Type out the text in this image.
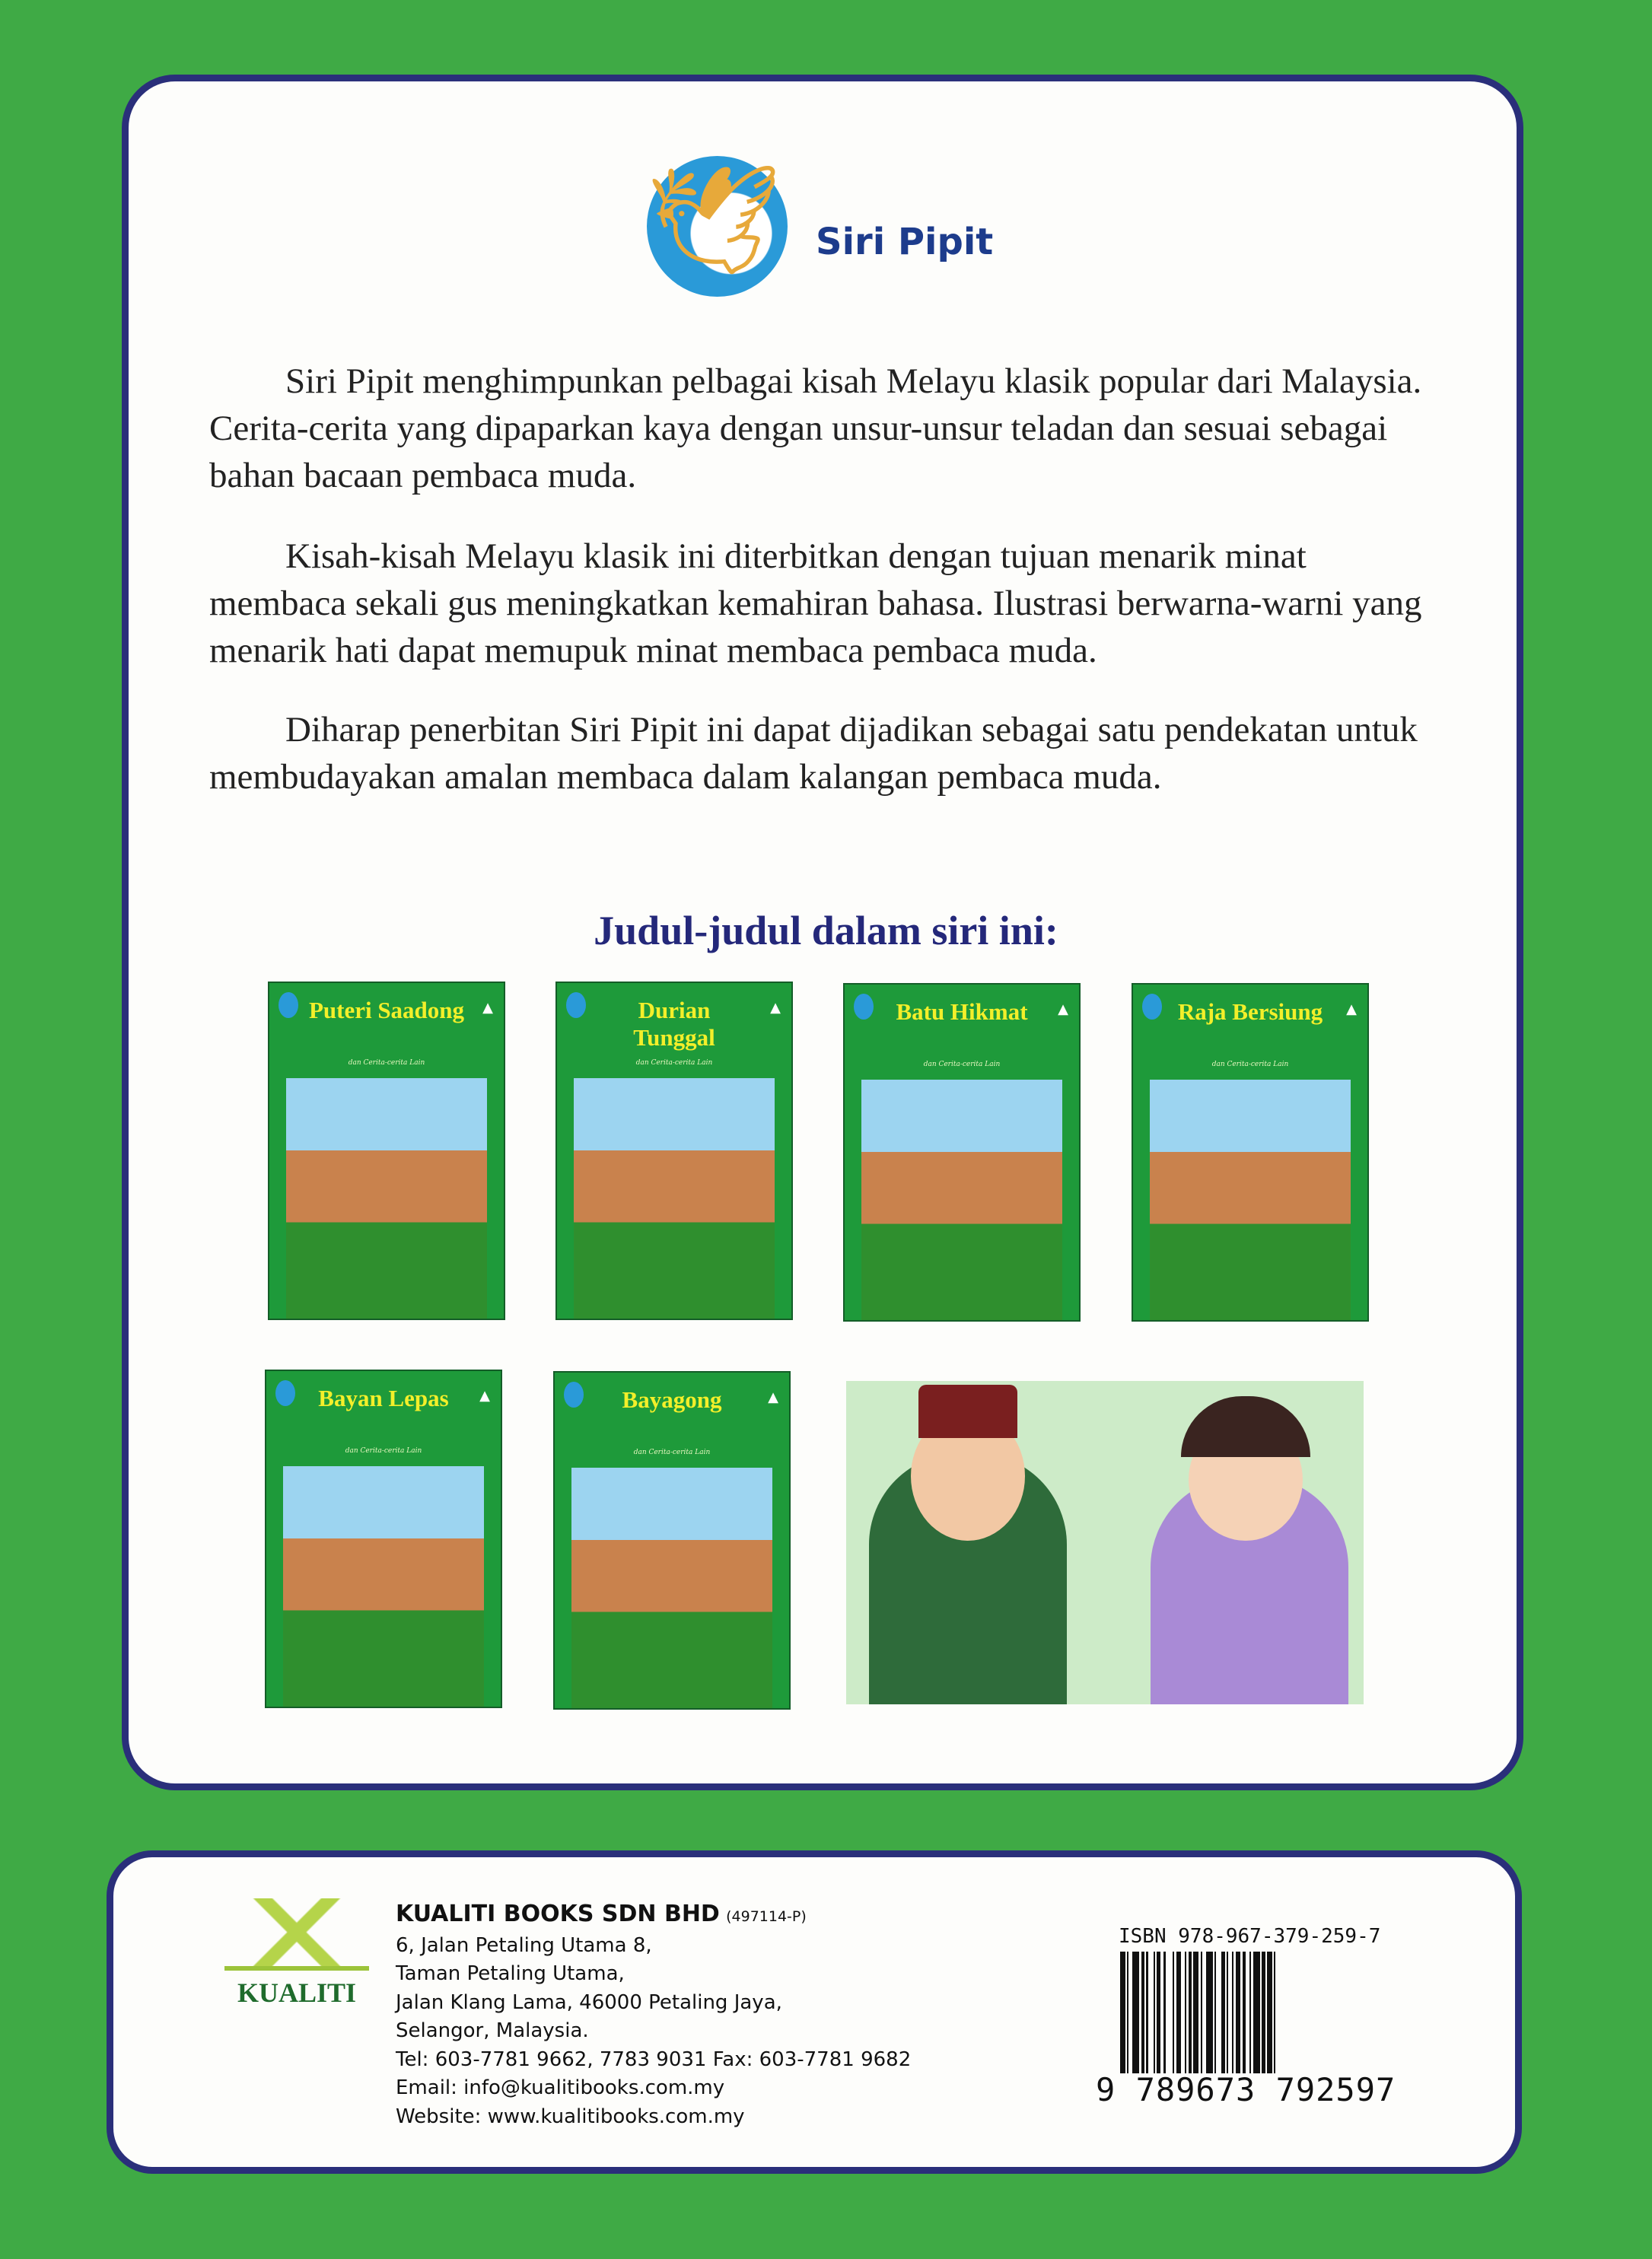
🕊 Siri Pipit

Siri Pipit menghimpunkan pelbagai kisah Melayu klasik popular dari Malaysia. Cerita-cerita yang dipaparkan kaya dengan unsur-unsur teladan dan sesuai sebagai bahan bacaan pembaca muda.

Kisah-kisah Melayu klasik ini diterbitkan dengan tujuan menarik minat membaca sekali gus meningkatkan kemahiran bahasa. Ilustrasi berwarna-warni yang menarik hati dapat memupuk minat membaca pembaca muda.

Diharap penerbitan Siri Pipit ini dapat dijadikan sebagai satu pendekatan untuk membudayakan amalan membaca dalam kalangan pembaca muda.

Judul-judul dalam siri ini:
▲
Puteri Saadong
dan Cerita-cerita Lain
▲
Durian Tunggal
dan Cerita-cerita Lain
▲
Batu Hikmat
dan Cerita-cerita Lain
▲
Raja Bersiung
dan Cerita-cerita Lain
▲
Bayan Lepas
dan Cerita-cerita Lain
▲
Bayagong
dan Cerita-cerita Lain
KUALITI
KUALITI BOOKS SDN BHD (497114-P)
6, Jalan Petaling Utama 8,
Taman Petaling Utama,
Jalan Klang Lama, 46000 Petaling Jaya,
Selangor, Malaysia.
Tel: 603-7781 9662, 7783 9031 Fax: 603-7781 9682
Email: info@kualitibooks.com.my
Website: www.kualitibooks.com.my
ISBN 978-967-379-259-7
9 789673 792597
